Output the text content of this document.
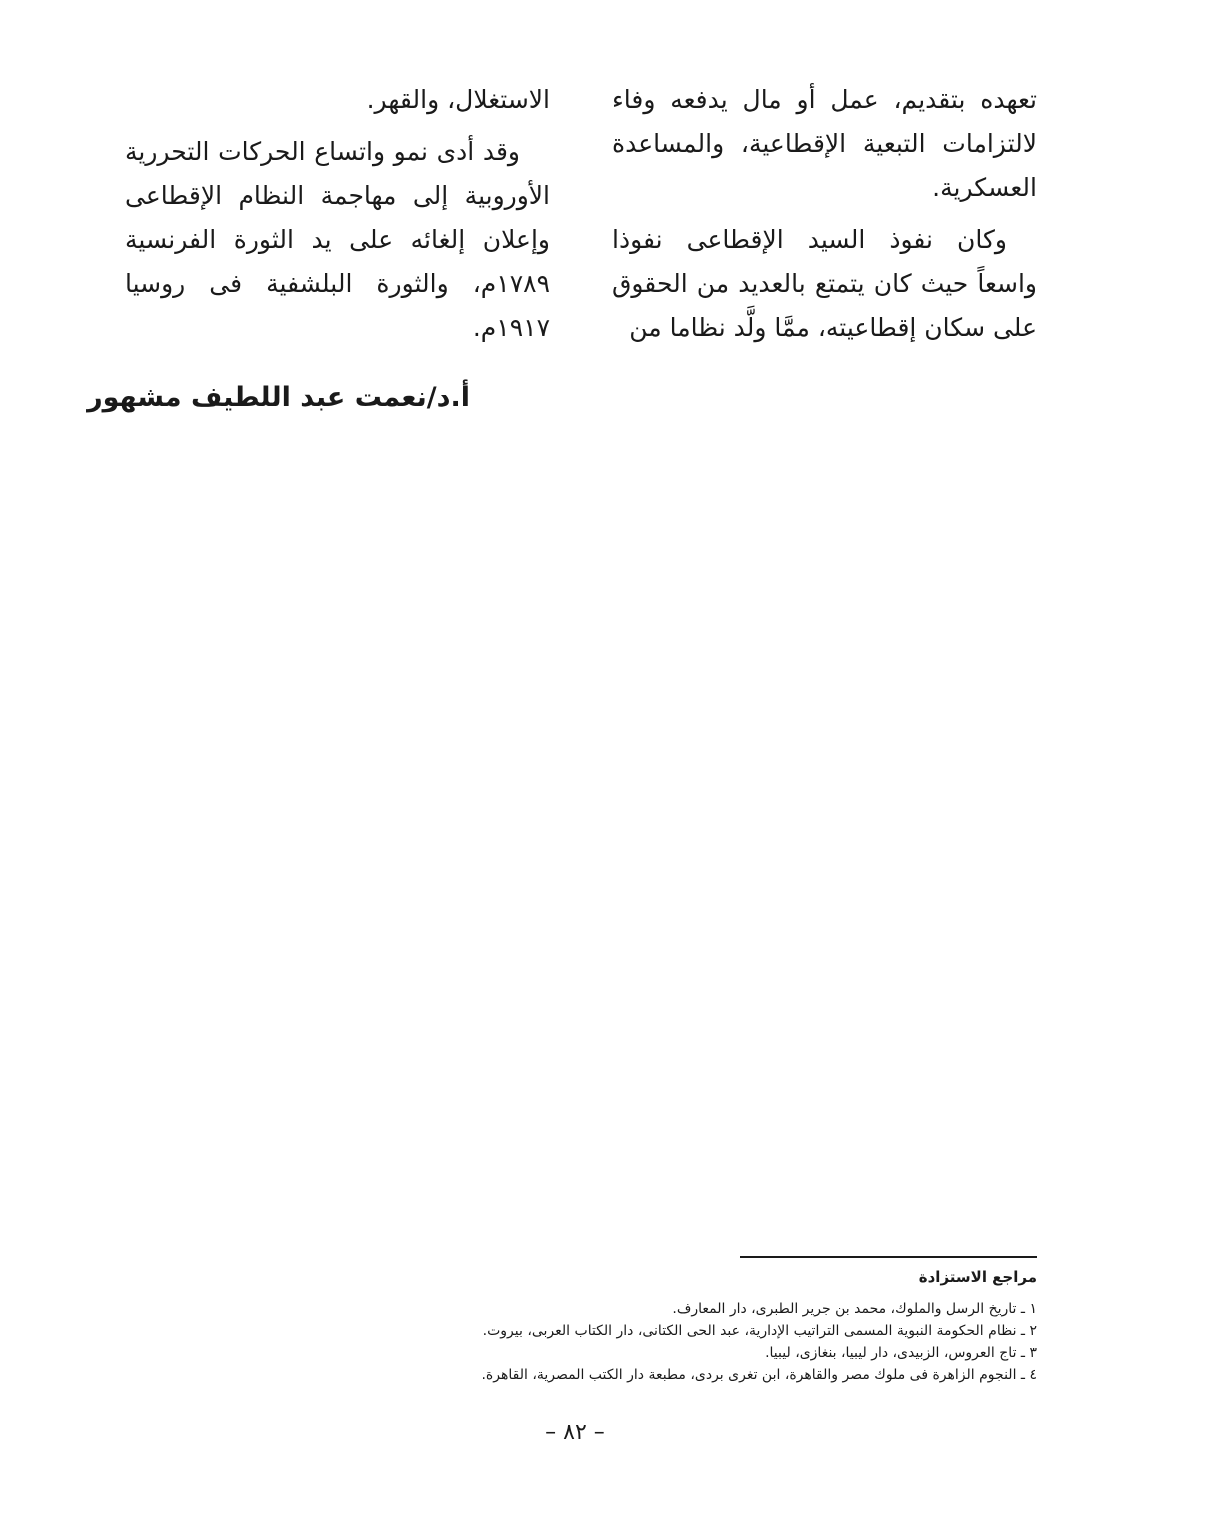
تعهده بتقديم، عمل أو مال يدفعه وفاء لالتزامات التبعية الإقطاعية، والمساعدة العسكرية.

وكان نفوذ السيد الإقطاعى نفوذا واسعاً حيث كان يتمتع بالعديد من الحقوق على سكان إقطاعيته، ممَّا ولَّد نظاما من

الاستغلال، والقهر.

وقد أدى نمو واتساع الحركات التحررية الأوروبية إلى مهاجمة النظام الإقطاعى وإعلان إلغائه على يد الثورة الفرنسية ١٧٨٩م، والثورة البلشفية فى روسيا ١٩١٧م.

أ.د/نعمت عبد اللطيف مشهور

مراجع الاستزادة

١ ـ تاريخ الرسل والملوك، محمد بن جرير الطبرى، دار المعارف.
٢ ـ نظام الحكومة النبوية المسمى التراتيب الإدارية، عبد الحى الكتانى، دار الكتاب العربى، بيروت.
٣ ـ تاج العروس، الزبيدى، دار ليبيا، بنغازى، ليبيا.
٤ ـ النجوم الزاهرة فى ملوك مصر والقاهرة، ابن تغرى بردى، مطبعة دار الكتب المصرية، القاهرة.
– ٨٢ –
